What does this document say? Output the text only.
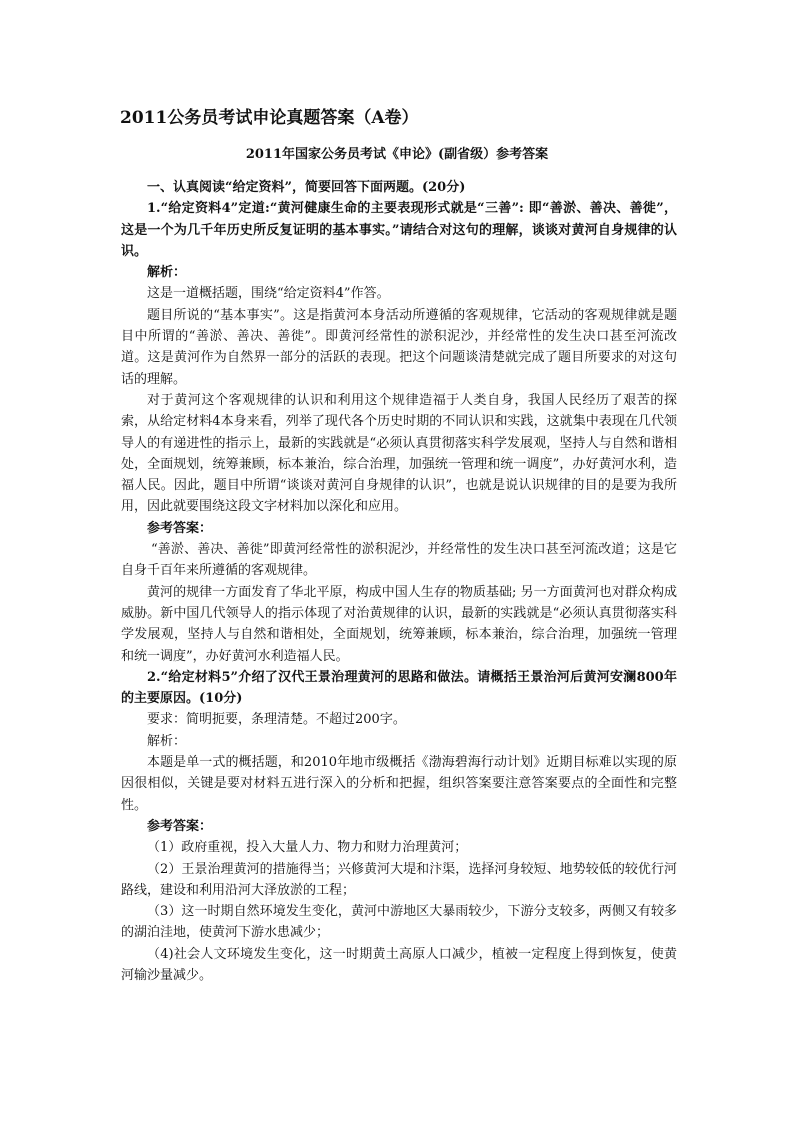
2011公务员考试申论真题答案（A卷）
2011年国家公务员考试《申论》(副省级）参考答案

一、认真阅读“给定资料”，简要回答下面两题。(20分)

1.“给定资料4”定道:“黄河健康生命的主要表现形式就是“三善”: 即“善淤、善决、善徙”，这是一个为几千年历史所反复证明的基本事实。”请结合对这句的理解，谈谈对黄河自身规律的认识。

解析：

这是一道概括题，围绕“给定资料4”作答。

题目所说的“基本事实”。这是指黄河本身活动所遵循的客观规律，它活动的客观规律就是题目中所谓的“善淤、善决、善徙”。即黄河经常性的淤积泥沙，并经常性的发生决口甚至河流改道。这是黄河作为自然界一部分的活跃的表现。把这个问题谈清楚就完成了题目所要求的对这句话的理解。

对于黄河这个客观规律的认识和利用这个规律造福于人类自身，我国人民经历了艰苦的探索，从给定材料4本身来看，列举了现代各个历史时期的不同认识和实践，这就集中表现在几代领导人的有递进性的指示上，最新的实践就是“必须认真贯彻落实科学发展观，坚持人与自然和谐相处，全面规划，统筹兼顾，标本兼治，综合治理，加强统一管理和统一调度”，办好黄河水利，造福人民。因此，题目中所谓“谈谈对黄河自身规律的认识”，也就是说认识规律的目的是要为我所用，因此就要围绕这段文字材料加以深化和应用。

参考答案：

“善淤、善决、善徙”即黄河经常性的淤积泥沙，并经常性的发生决口甚至河流改道；这是它自身千百年来所遵循的客观规律。

黄河的规律一方面发育了华北平原，构成中国人生存的物质基础; 另一方面黄河也对群众构成威胁。新中国几代领导人的指示体现了对治黄规律的认识，最新的实践就是“必须认真贯彻落实科学发展观，坚持人与自然和谐相处，全面规划，统筹兼顾，标本兼治，综合治理，加强统一管理和统一调度”，办好黄河水利造福人民。

2.“给定材料5”介绍了汉代王景治理黄河的思路和做法。请概括王景治河后黄河安澜800年的主要原因。(10分)

要求：简明扼要，条理清楚。不超过200字。

解析：

本题是单一式的概括题，和2010年地市级概括《渤海碧海行动计划》近期目标难以实现的原因很相似，关键是要对材料五进行深入的分析和把握，组织答案要注意答案要点的全面性和完整性。

参考答案：

（1）政府重视，投入大量人力、物力和财力治理黄河；

（2）王景治理黄河的措施得当；兴修黄河大堤和汴渠，选择河身较短、地势较低的较优行河路线，建设和利用沿河大泽放淤的工程；

（3）这一时期自然环境发生变化，黄河中游地区大暴雨较少，下游分支较多，两侧又有较多的湖泊洼地，使黄河下游水患减少；

（4)社会人文环境发生变化，这一时期黄土高原人口减少，植被一定程度上得到恢复，使黄河输沙量减少。
